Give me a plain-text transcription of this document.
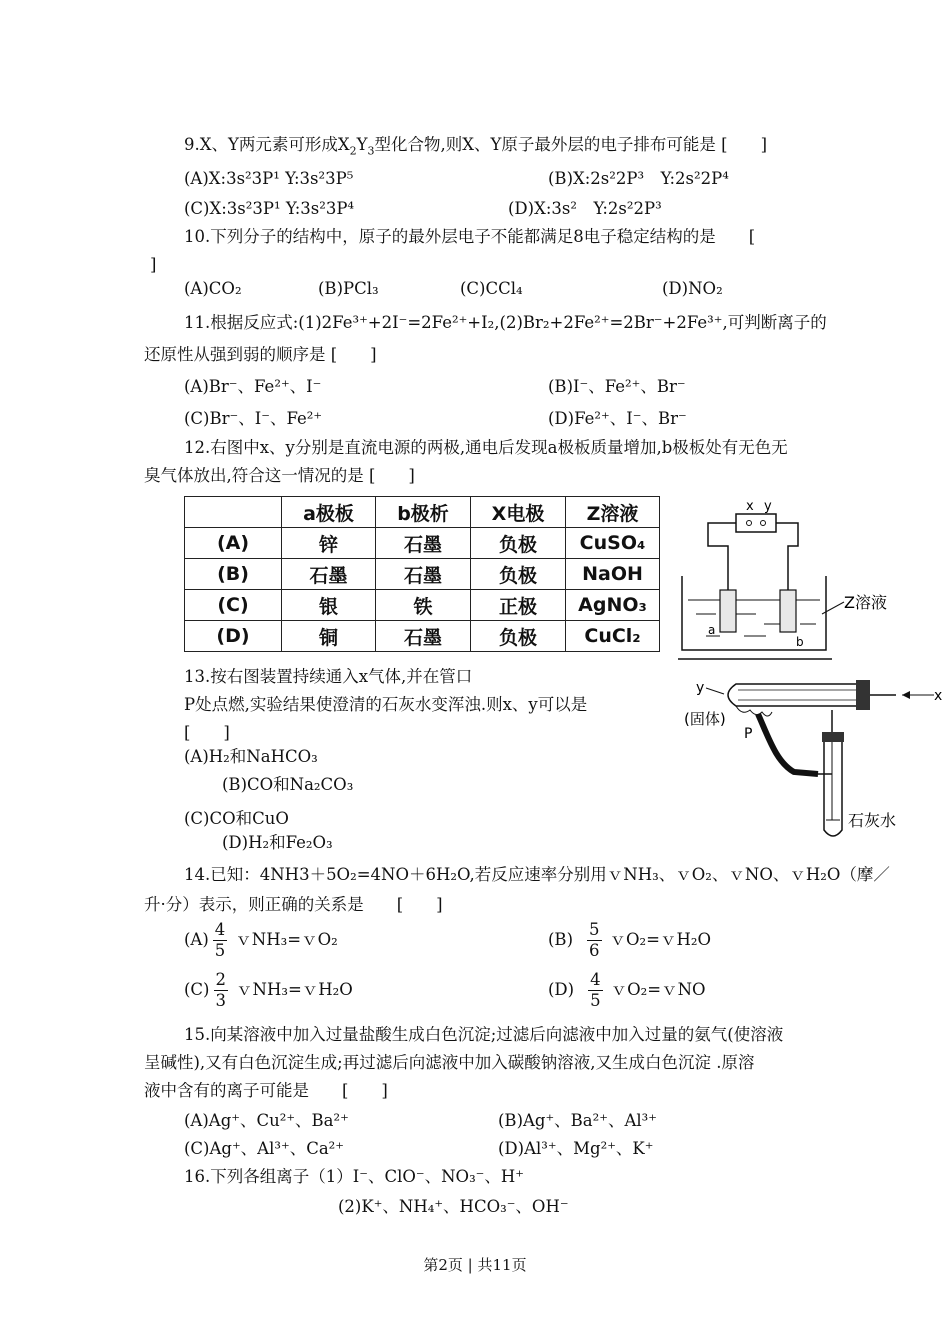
9.X、Y两元素可形成$X_2Y_3$型化合物,则X、Y原子最外层的电子排布可能是 [　　]
(A)X:3s²3P¹ Y:3s²3P⁵	(B)X:2s²2P³　Y:2s²2P⁴
(C)X:3s²3P¹ Y:3s²3P⁴	(D)X:3s²　Y:2s²2P³
10.下列分子的结构中，原子的最外层电子不能都满足8电子稳定结构的是　　[
]
(A)CO₂	(B)PCl₃	(C)CCl₄	(D)NO₂
11.根据反应式:(1)2Fe³⁺+2I⁻=2Fe²⁺+I₂,(2)Br₂+2Fe²⁺=2Br⁻+2Fe³⁺,可判断离子的
还原性从强到弱的顺序是 [　　]
(A)Br⁻、Fe²⁺、I⁻	(B)I⁻、Fe²⁺、Br⁻
(C)Br⁻、I⁻、Fe²⁺	(D)Fe²⁺、I⁻、Br⁻
12.右图中x、y分别是直流电源的两极,通电后发现a极板质量增加,b极板处有无色无
臭气体放出,符合这一情况的是 [　　]
	a极板	b极析	X电极	Z溶液
(A)	锌	石墨	负极	CuSO₄
(B)	石墨	石墨	负极	NaOH
(C)	银	铁	正极	AgNO₃
(D)	铜	石墨	负极	CuCl₂
x y
a
b
Z溶液
13.按右图装置持续通入x气体,并在管口
P处点燃,实验结果使澄清的石灰水变浑浊.则x、y可以是
[　　]
(A)H₂和NaHCO₃
(B)CO和Na₂CO₃
(C)CO和CuO
(D)H₂和Fe₂O₃
y	x
(固体)
P
石灰水
14.已知：4NH3＋5O₂=4NO＋6H₂O,若反应速率分别用ｖNH₃、ｖO₂、ｖNO、ｖH₂O（摩／
升·分）表示，则正确的关系是　　[　　]
$(A) \frac{4}{5}$ ｖNH₃=ｖO₂	$(B) \frac{5}{6}$ ｖO₂=ｖH₂O
$(C) \frac{2}{3}$ ｖNH₃=ｖH₂O	$(D) \frac{4}{5}$ ｖO₂=ｖNO
15.向某溶液中加入过量盐酸生成白色沉淀;过滤后向滤液中加入过量的氨气(使溶液
呈碱性),又有白色沉淀生成;再过滤后向滤液中加入碳酸钠溶液,又生成白色沉淀 .原溶
液中含有的离子可能是　　[　　]
(A)Ag⁺、Cu²⁺、Ba²⁺	(B)Ag⁺、Ba²⁺、Al³⁺
(C)Ag⁺、Al³⁺、Ca²⁺	(D)Al³⁺、Mg²⁺、K⁺
16.下列各组离子（1）I⁻、ClO⁻、NO₃⁻、H⁺
(2)K⁺、NH₄⁺、HCO₃⁻、OH⁻
第2页 | 共11页
